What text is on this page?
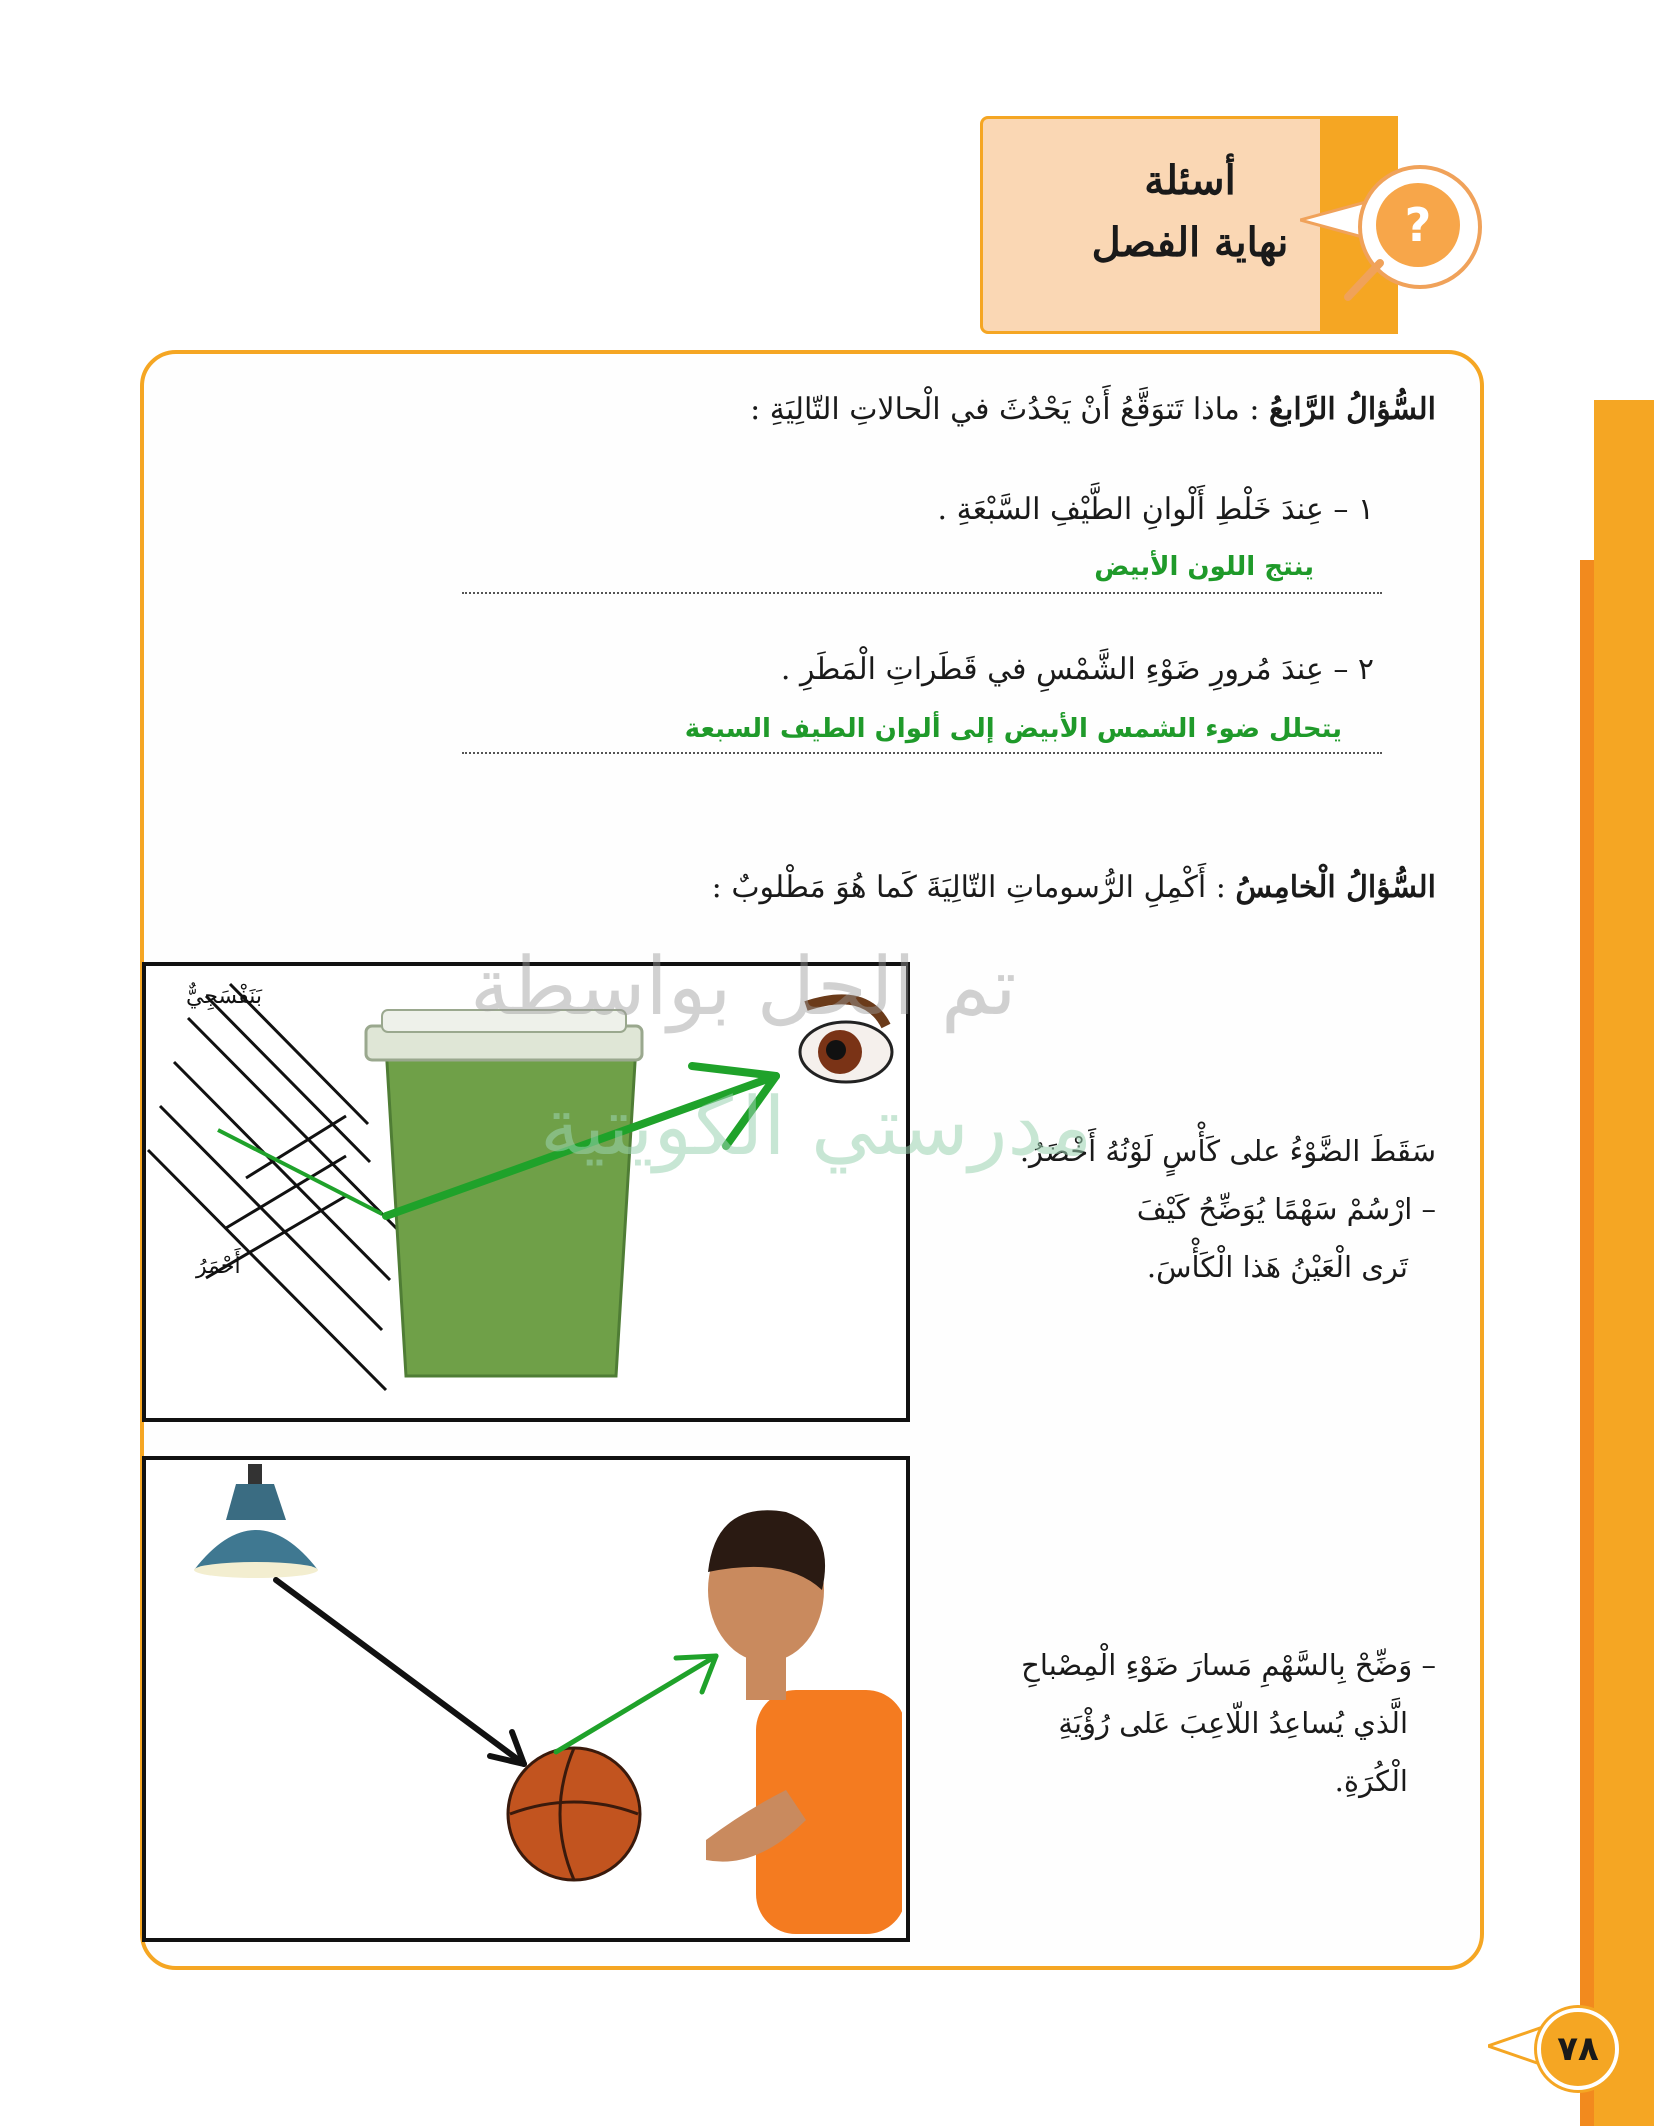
أسئلة
نهاية الفصل	?
السُّؤالُ الرَّابعُ : ماذا تَتوَقَّعُ أَنْ يَحْدُثَ في الْحالاتِ التّالِيَةِ :
١ – عِندَ خَلْطِ أَلْوانِ الطَّيْفِ السَّبْعَةِ .
ينتج اللون الأبيض
٢ – عِندَ مُرورِ ضَوْءِ الشَّمْسِ في قَطَراتِ الْمَطَرِ .
يتحلل ضوء الشمس الأبيض إلى ألوان الطيف السبعة
السُّؤالُ الْخامِسُ : أَكْمِلِ الرُّسوماتِ التّالِيَةَ كَما هُوَ مَطْلوبٌ :
بَنَفْسَجِيٌّ
أَحْمَرُ
سَقَطَ الضَّوْءُ على كَأْسٍ لَوْنُهُ أَخْضَرُ.
– ارْسُمْ سَهْمًا يُوَضِّحُ كَيْفَ
تَرى الْعَيْنُ هَذا الْكَأْسَ.
– وَضِّحْ بِالسَّهْمِ مَسارَ ضَوْءِ الْمِصْباحِ
الَّذي يُساعِدُ اللّاعِبَ عَلى رُؤْيَةِ
الْكُرَةِ.
تم الحل بواسطة
مدرستي الكويتية
٧٨
